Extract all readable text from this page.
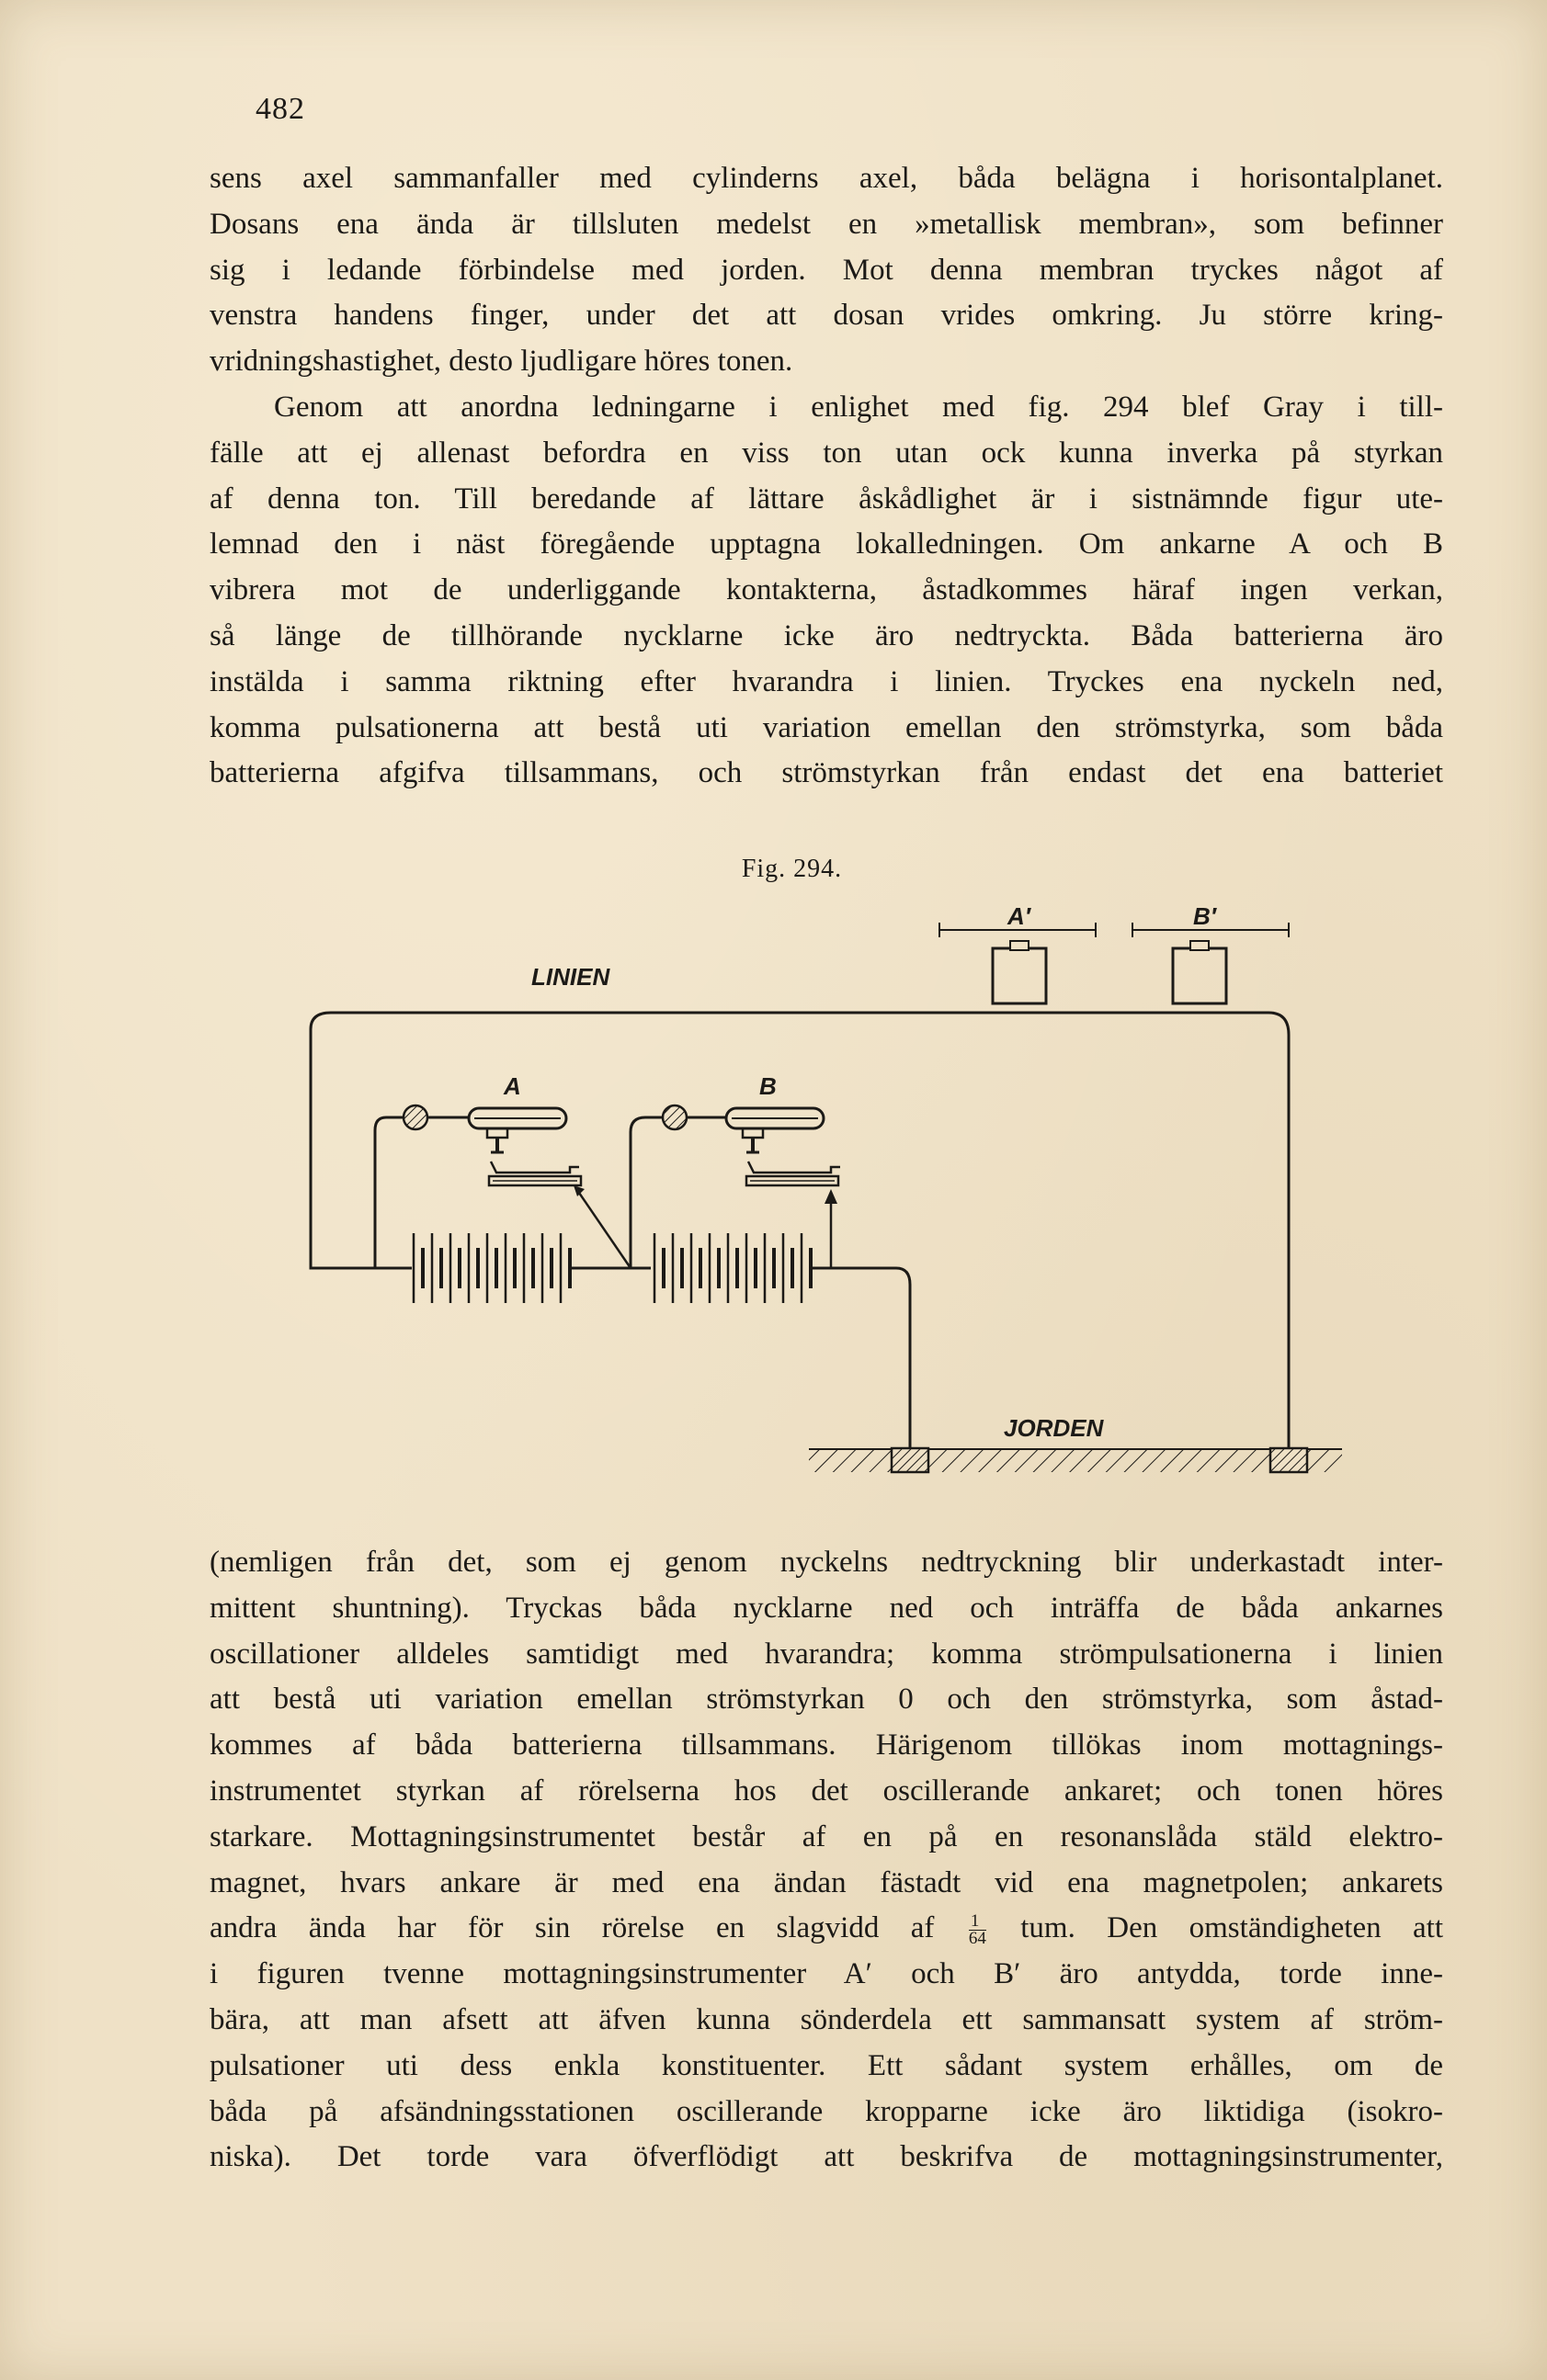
482
sens axel sammanfaller med cylinderns axel, båda belägna i horisontalplanet.
Dosans ena ända är tillsluten medelst en »metallisk membran», som befinner
sig i ledande förbindelse med jorden. Mot denna membran tryckes något af
venstra handens finger, under det att dosan vrides omkring. Ju större kring-
vridningshastighet, desto ljudligare höres tonen.
Genom att anordna ledningarne i enlighet med fig. 294 blef Gray i till-
fälle att ej allenast befordra en viss ton utan ock kunna inverka på styrkan
af denna ton. Till beredande af lättare åskådlighet är i sistnämnde figur ute-
lemnad den i näst föregående upptagna lokalledningen. Om ankarne A och B
vibrera mot de underliggande kontakterna, åstadkommes häraf ingen verkan,
så länge de tillhörande nycklarne icke äro nedtryckta. Båda batterierna äro
instälda i samma riktning efter hvarandra i linien. Tryckes ena nyckeln ned,
komma pulsationerna att bestå uti variation emellan den strömstyrka, som båda
batterierna afgifva tillsammans, och strömstyrkan från endast det ena batteriet
Fig. 294.
A′	B′
LINIEN
A	B
JORDEN
(nemligen från det, som ej genom nyckelns nedtryckning blir underkastadt inter-
mittent shuntning). Tryckas båda nycklarne ned och inträffa de båda ankarnes
oscillationer alldeles samtidigt med hvarandra; komma strömpulsationerna i linien
att bestå uti variation emellan strömstyrkan 0 och den strömstyrka, som åstad-
kommes af båda batterierna tillsammans. Härigenom tillökas inom mottagnings-
instrumentet styrkan af rörelserna hos det oscillerande ankaret; och tonen höres
starkare. Mottagningsinstrumentet består af en på en resonanslåda stäld elektro-
magnet, hvars ankare är med ena ändan fästadt vid ena magnetpolen; ankarets
andra ända har för sin rörelse en slagvidd af $\frac{1}{64}$ tum. Den omständigheten att
i figuren tvenne mottagningsinstrumenter A′ och B′ äro antydda, torde inne-
bära, att man afsett att äfven kunna sönderdela ett sammansatt system af ström-
pulsationer uti dess enkla konstituenter. Ett sådant system erhålles, om de
båda på afsändningsstationen oscillerande kropparne icke äro liktidiga (isokro-
niska). Det torde vara öfverflödigt att beskrifva de mottagningsinstrumenter,
